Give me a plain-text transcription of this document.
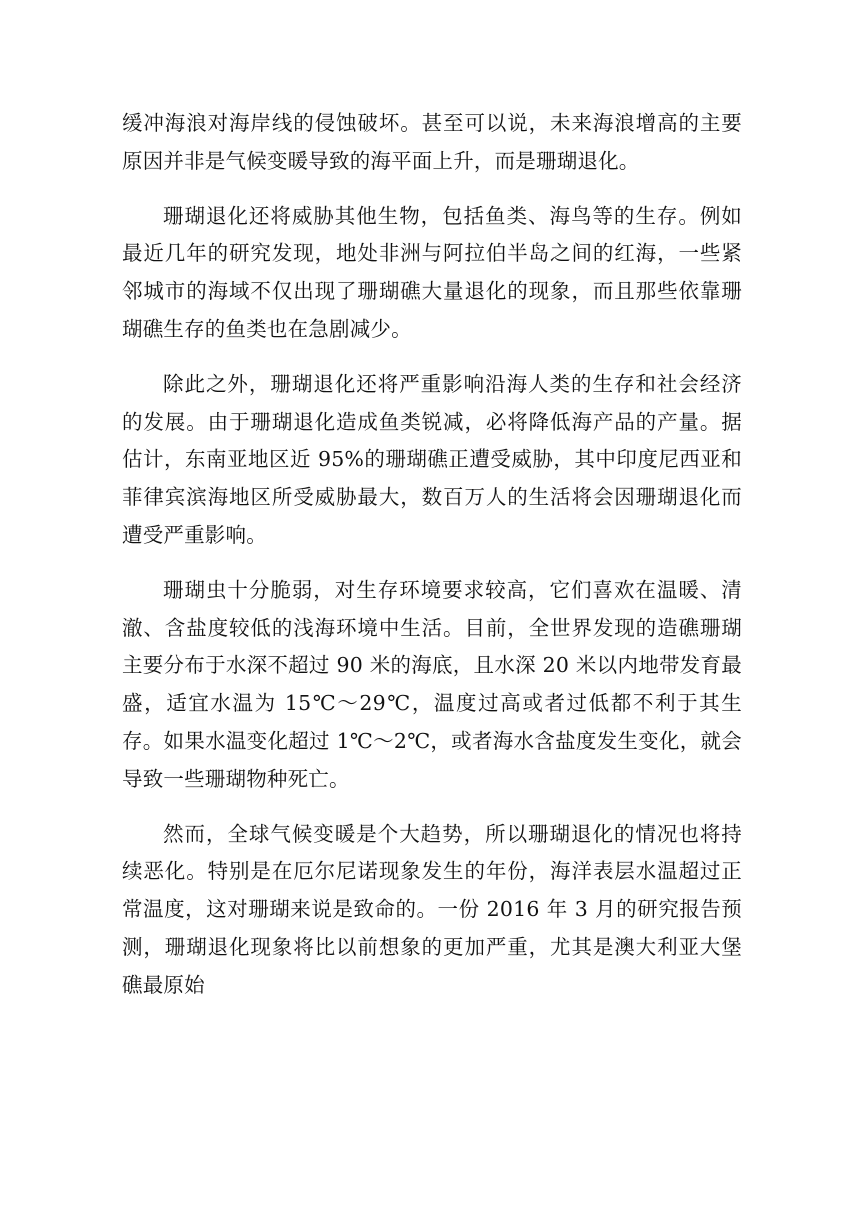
缓冲海浪对海岸线的侵蚀破坏。甚至可以说，未来海浪增高的主要原因并非是气候变暖导致的海平面上升，而是珊瑚退化。

珊瑚退化还将威胁其他生物，包括鱼类、海鸟等的生存。例如最近几年的研究发现，地处非洲与阿拉伯半岛之间的红海，一些紧邻城市的海域不仅出现了珊瑚礁大量退化的现象，而且那些依靠珊瑚礁生存的鱼类也在急剧减少。

除此之外，珊瑚退化还将严重影响沿海人类的生存和社会经济的发展。由于珊瑚退化造成鱼类锐减，必将降低海产品的产量。据估计，东南亚地区近 95%的珊瑚礁正遭受威胁，其中印度尼西亚和菲律宾滨海地区所受威胁最大，数百万人的生活将会因珊瑚退化而遭受严重影响。

珊瑚虫十分脆弱，对生存环境要求较高，它们喜欢在温暖、清澈、含盐度较低的浅海环境中生活。目前，全世界发现的造礁珊瑚主要分布于水深不超过 90 米的海底，且水深 20 米以内地带发育最盛，适宜水温为 15℃～29℃，温度过高或者过低都不利于其生存。如果水温变化超过 1℃～2℃，或者海水含盐度发生变化，就会导致一些珊瑚物种死亡。

然而，全球气候变暖是个大趋势，所以珊瑚退化的情况也将持续恶化。特别是在厄尔尼诺现象发生的年份，海洋表层水温超过正常温度，这对珊瑚来说是致命的。一份 2016 年 3 月的研究报告预测，珊瑚退化现象将比以前想象的更加严重，尤其是澳大利亚大堡礁最原始
